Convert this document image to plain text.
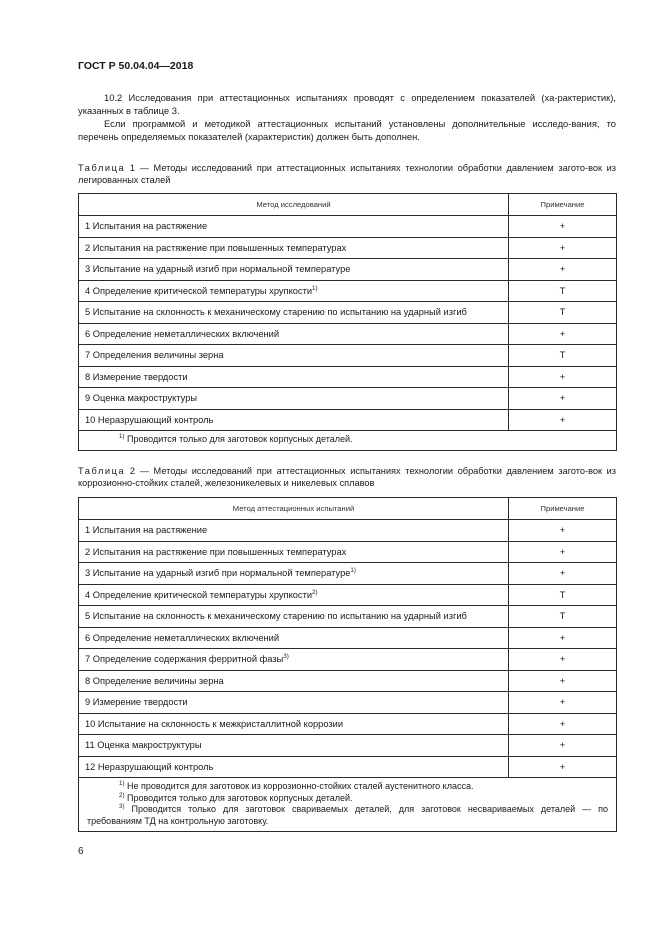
ГОСТ Р 50.04.04—2018

10.2 Исследования при аттестационных испытаниях проводят с определением показателей (ха-рактеристик), указанных в таблице 3.

Если программой и методикой аттестационных испытаний установлены дополнительные исследо-вания, то перечень определяемых показателей (характеристик) должен быть дополнен.

Таблица 1 — Методы исследований при аттестационных испытаниях технологии обработки давлением загото-вок из легированных сталей

Метод исследований	Примечание
1 Испытания на растяжение	+
2 Испытания на растяжение при повышенных температурах	+
3 Испытание на ударный изгиб при нормальной температуре	+
4 Определение критической температуры хрупкости$^{1)}$	Т
5 Испытание на склонность к механическому старению по испытанию на ударный изгиб	Т
6 Определение неметаллических включений	+
7 Определения величины зерна	Т
8 Измерение твердости	+
9 Оценка макроструктуры	+
10 Неразрушающий контроль	+

$^{1)}$ Проводится только для заготовок корпусных деталей.	

Таблица 2 — Методы исследований при аттестационных испытаниях технологии обработки давлением загото-вок из коррозионно-стойких сталей, железоникелевых и никелевых сплавов

Метод аттестационных испытаний	Примечание
1 Испытания на растяжение	+
2 Испытания на растяжение при повышенных температурах	+
3 Испытание на ударный изгиб при нормальной температуре$^{1)}$	+
4 Определение критической температуры хрупкости$^{2)}$	Т
5 Испытание на склонность к механическому старению по испытанию на ударный изгиб	Т
6 Определение неметаллических включений	+
7 Определение содержания ферритной фазы$^{3)}$	+
8 Определение величины зерна	+
9 Измерение твердости	+
10 Испытание на склонность к межкристаллитной коррозии	+
11 Оценка макроструктуры	+
12 Неразрушающий контроль	+

$^{1)}$ Не проводится для заготовок из коррозионно-стойких сталей аустенитного класса.
$^{2)}$ Проводится только для заготовок корпусных деталей.
$^{3)}$ Проводится только для заготовок свариваемых деталей, для заготовок несвариваемых деталей — по требованиям ТД на контрольную заготовку.	
6
